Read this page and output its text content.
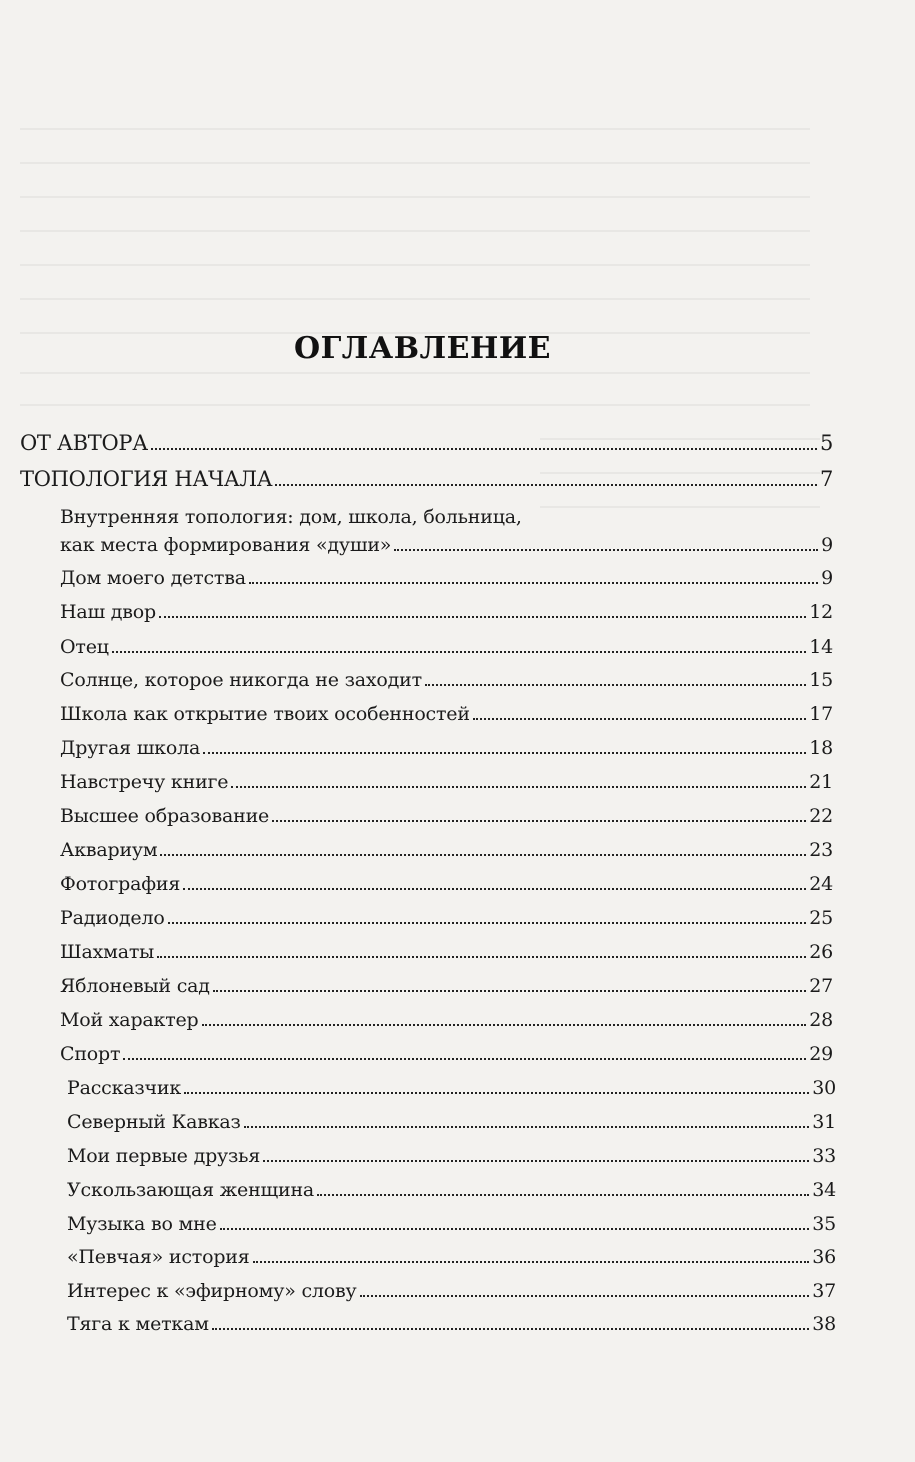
ОГЛАВЛЕНИЕ
ОТ АВТОРА	5
ТОПОЛОГИЯ НАЧАЛА	7
Внутренняя топология: дом, школа, больница,
как места формирования «души»	9
Дом моего детства	9
Наш двор	12
Отец	14
Солнце, которое никогда не заходит	15
Школа как открытие твоих особенностей	17
Другая школа	18
Навстречу книге	21
Высшее образование	22
Аквариум	23
Фотография	24
Радиодело	25
Шахматы	26
Яблоневый сад	27
Мой характер	28
Спорт	29
Рассказчик	30
Северный Кавказ	31
Мои первые друзья	33
Ускользающая женщина	34
Музыка во мне	35
«Певчая» история	36
Интерес к «эфирному» слову	37
Тяга к меткам	38
